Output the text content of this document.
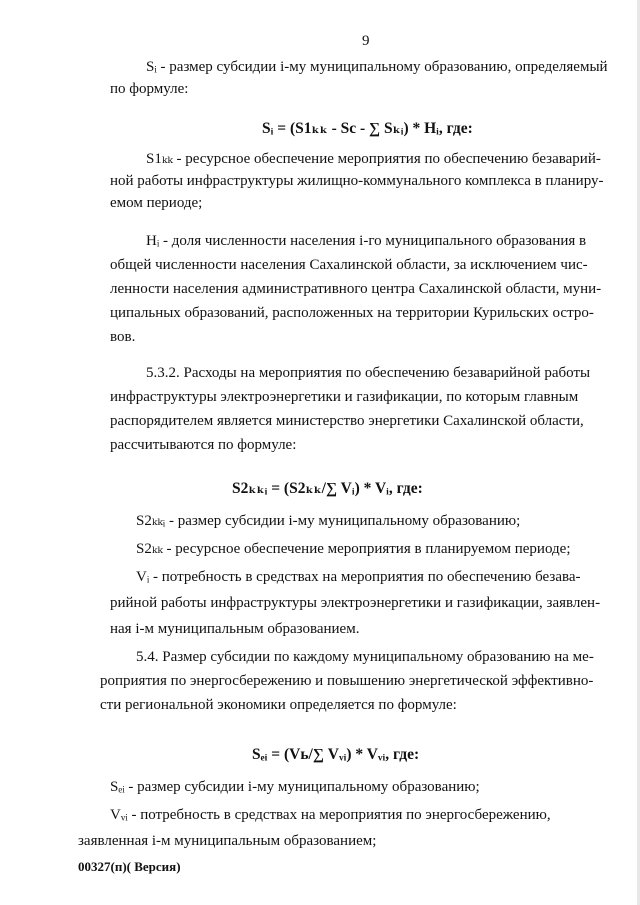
9
Sᵢ - размер субсидии i-му муниципальному образованию, определяемый
по формуле:
Sᵢ = (S1ₖₖ - Sс - ∑ Sₖᵢ) * Hᵢ, где:
S1ₖₖ - ресурсное обеспечение мероприятия по обеспечению безаварий-
ной работы инфраструктуры жилищно-коммунального комплекса в планиру-
емом периоде;
Hᵢ - доля численности населения i-го муниципального образования в
общей численности населения Сахалинской области, за исключением чис-
ленности населения административного центра Сахалинской области, муни-
ципальных образований, расположенных на территории Курильских остро-
вов.
5.3.2. Расходы на мероприятия по обеспечению безаварийной работы
инфраструктуры электроэнергетики и газификации, по которым главным
распорядителем является министерство энергетики Сахалинской области,
рассчитываются по формуле:
S2ₖₖᵢ = (S2ₖₖ/∑ Vᵢ) * Vᵢ, где:
S2ₖₖᵢ - размер субсидии i-му муниципальному образованию;
S2ₖₖ - ресурсное обеспечение мероприятия в планируемом периоде;
Vᵢ - потребность в средствах на мероприятия по обеспечению безава-
рийной работы инфраструктуры электроэнергетики и газификации, заявлен-
ная i-м муниципальным образованием.
5.4. Размер субсидии по каждому муниципальному образованию на ме-
роприятия по энергосбережению и повышению энергетической эффективно-
сти региональной экономики определяется по формуле:
Sₑᵢ = (Vь/∑ Vᵥᵢ) * Vᵥᵢ, где:
Sₑᵢ - размер субсидии i-му муниципальному образованию;
Vᵥᵢ - потребность в средствах на мероприятия по энергосбережению,
заявленная i-м муниципальным образованием;
00327(п)( Версия)
